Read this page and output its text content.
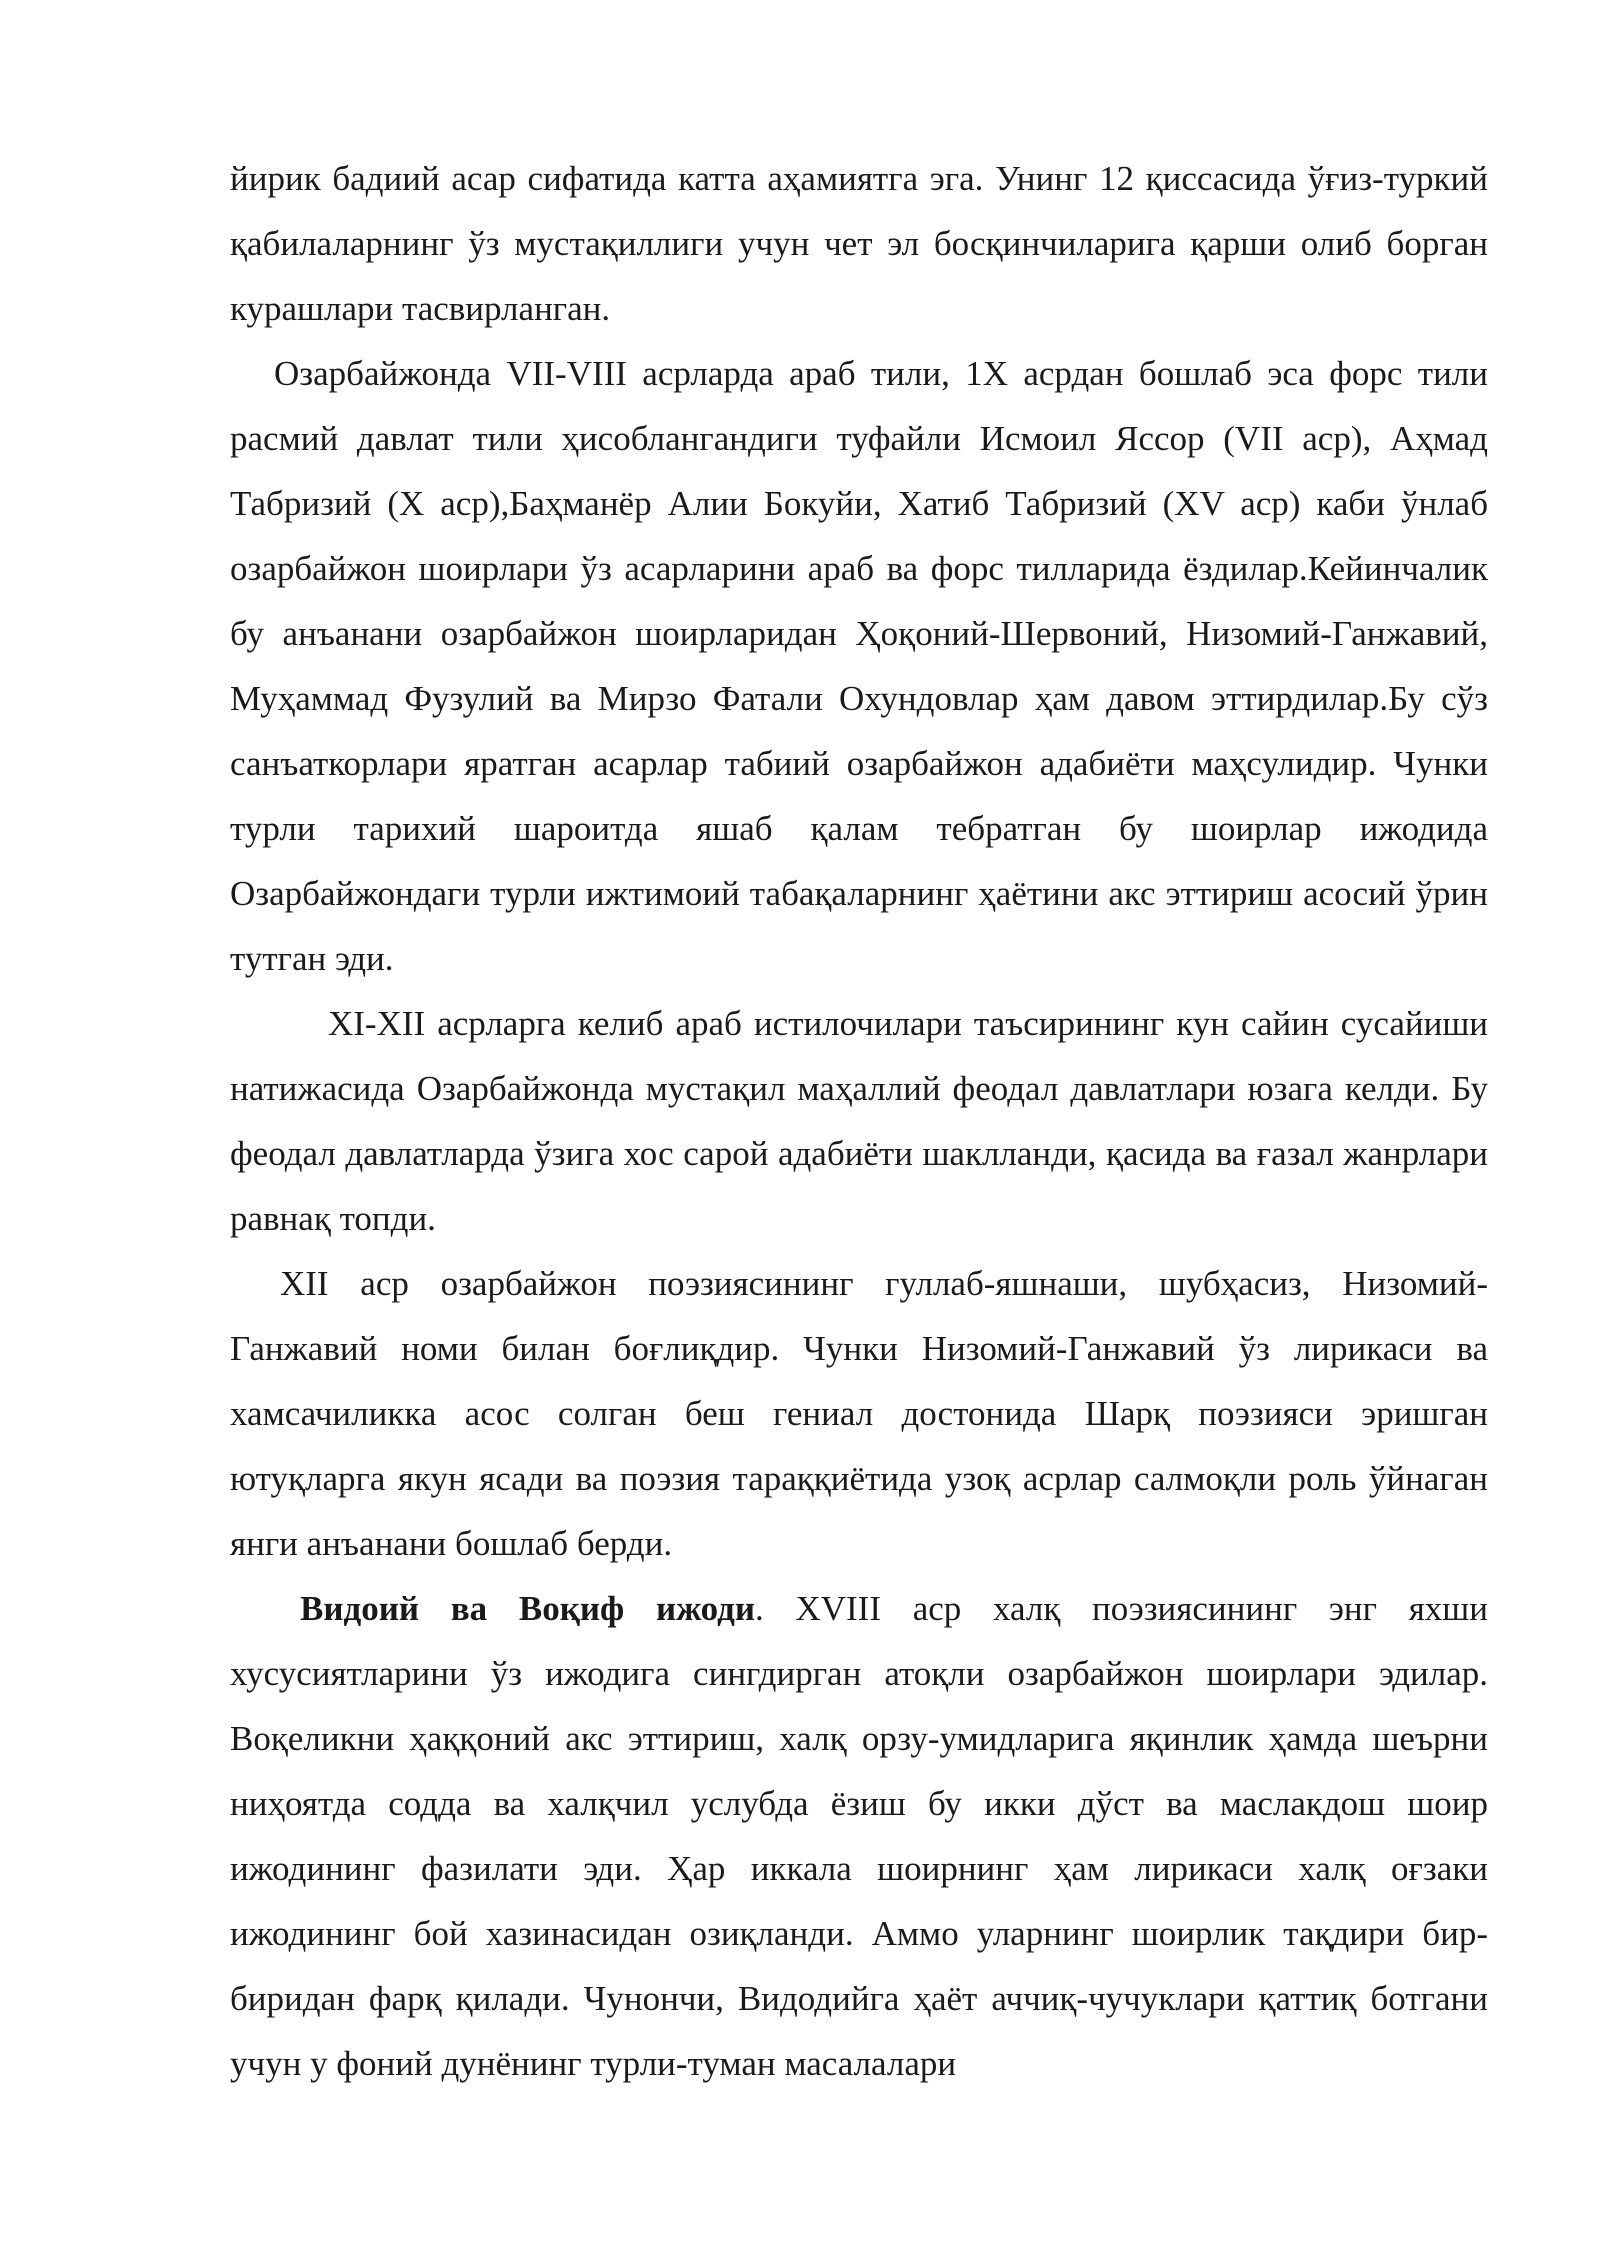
йирик бадиий асар сифатида катта аҳамиятга эга. Унинг 12 қиссасида ўғиз-туркий қабилаларнинг ўз мустақиллиги учун чет эл босқинчиларига қарши олиб борган курашлари тасвирланган.

Озарбайжонда VII-VIII асрларда араб тили, 1Х асрдан бошлаб эса форс тили расмий давлат тили ҳисоблангандиги туфайли Исмоил Яссор (VII аср), Аҳмад Табризий (Х аср),Баҳманёр Алии Бокуйи, Хатиб Табризий (XV аср) каби ўнлаб озарбайжон шоирлари ўз асарларини араб ва форс тилларида ёздилар.Кейинчалик бу анъанани озарбайжон шоирларидан Ҳоқоний-Шервоний, Низомий-Ганжавий, Муҳаммад Фузулий ва Мирзо Фатали Охундовлар ҳам давом эттирдилар.Бу сўз санъаткорлари яратган асарлар табиий озарбайжон адабиёти маҳсулидир. Чунки турли тарихий шароитда яшаб қалам тебратган бу шоирлар ижодида Озарбайжондаги турли ижтимоий табақаларнинг ҳаётини акс эттириш асосий ўрин тутган эди.

XI-XII асрларга келиб араб истилочилари таъсирининг кун сайин сусайиши натижасида Озарбайжонда мустақил маҳаллий феодал давлатлари юзага келди. Бу феодал давлатларда ўзига хос сарой адабиёти шаклланди, қасида ва ғазал жанрлари равнақ топди.

XII аср озарбайжон поэзиясининг гуллаб-яшнаши, шубҳасиз, Низомий-Ганжавий номи билан боғлиқдир. Чунки Низомий-Ганжавий ўз лирикаси ва хамсачиликка асос солган беш гениал достонида Шарқ поэзияси эришган ютуқларга якун ясади ва поэзия тараққиётида узоқ асрлар салмоқли роль ўйнаган янги анъанани бошлаб берди.

Видоий ва Воқиф ижоди. XVIII аср халқ поэзиясининг энг яхши хусусиятларини ўз ижодига сингдирган атоқли озарбайжон шоирлари эдилар. Воқеликни ҳаққоний акс эттириш, халқ орзу-умидларига яқинлик ҳамда шеърни ниҳоятда содда ва халқчил услубда ёзиш бу икки дўст ва маслакдош шоир ижодининг фазилати эди. Ҳар иккала шоирнинг ҳам лирикаси халқ оғзаки ижодининг бой хазинасидан озиқланди. Аммо уларнинг шоирлик тақдири бир-биридан фарқ қилади. Чунончи, Видодийга ҳаёт аччиқ-чучуклари қаттиқ ботгани учун у фоний дунёнинг турли-туман масалалари
